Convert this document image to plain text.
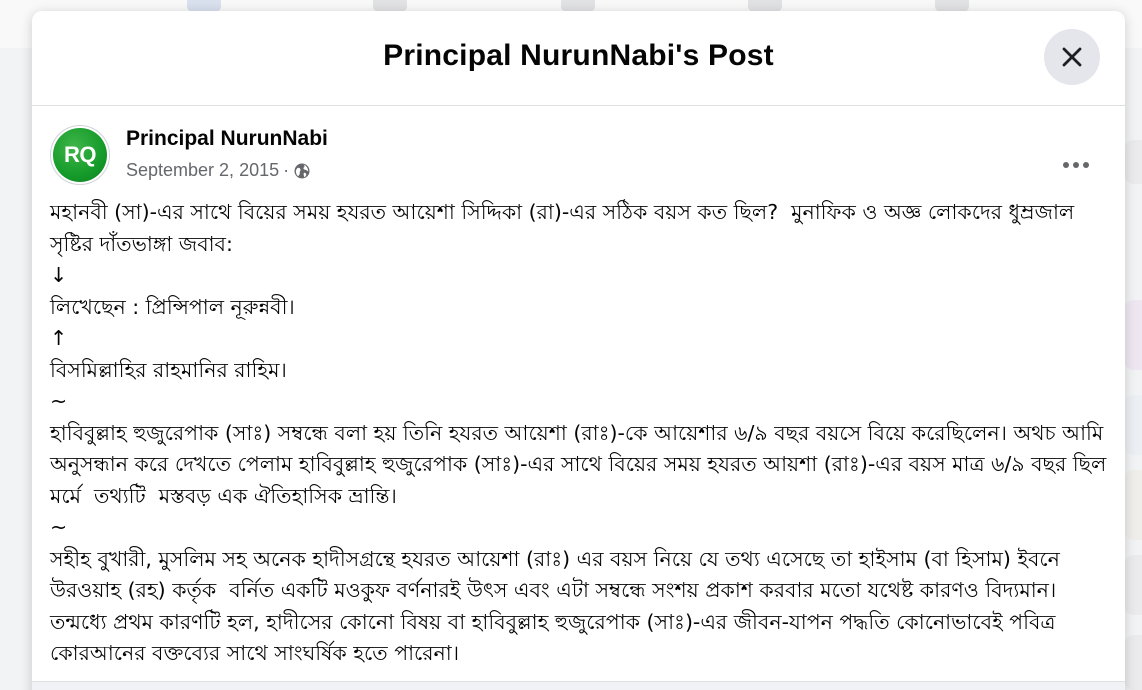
Principal NurunNabi's Post
RQ
Principal NurunNabi
September 2, 2015 ·

মহানবী (সা)-এর সাথে বিয়ের সময় হযরত আয়েশা সিদ্দিকা (রা)-এর সঠিক বয়স কত ছিল?  মুনাফিক ও অজ্ঞ লোকদের ধুম্রজাল সৃষ্টির দাঁতভাঙ্গা জবাব:

↓

লিখেছেন : প্রিন্সিপাল নূরুন্নবী।

↑

বিসমিল্লাহির রাহমানির রাহিম।

~

হাবিবুল্লাহ হুজুরেপাক (সাঃ) সম্বন্ধে বলা হয় তিনি হযরত আয়েশা (রাঃ)-কে আয়েশার ৬/৯ বছর বয়সে বিয়ে করেছিলেন। অথচ আমি অনুসন্ধান করে দেখতে পেলাম হাবিবুল্লাহ হুজুরেপাক (সাঃ)-এর সাথে বিয়ের সময় হযরত আয়শা (রাঃ)-এর বয়স মাত্র ৬/৯ বছর ছিল মর্মে  তথ্যটি  মস্তবড় এক ঐতিহাসিক ভ্রান্তি।

~

সহীহ বুখারী, মুসলিম সহ অনেক হাদীসগ্রন্থে হযরত আয়েশা (রাঃ) এর বয়স নিয়ে যে তথ্য এসেছে তা হাইসাম (বা হিসাম) ইবনে   উরওয়াহ (রহ) কর্তৃক  বর্নিত একটি মওকুফ বর্ণনারই উৎস এবং এটা সম্বন্ধে সংশয় প্রকাশ করবার মতো যথেষ্ট কারণও বিদ্যমান। তন্মধ্যে প্রথম কারণটি হল, হাদীসের কোনো বিষয় বা হাবিবুল্লাহ হুজুরেপাক (সাঃ)-এর জীবন-যাপন পদ্ধতি কোনোভাবেই পবিত্র কোরআনের বক্তব্যের সাথে সাংঘর্ষিক হতে পারেনা।
